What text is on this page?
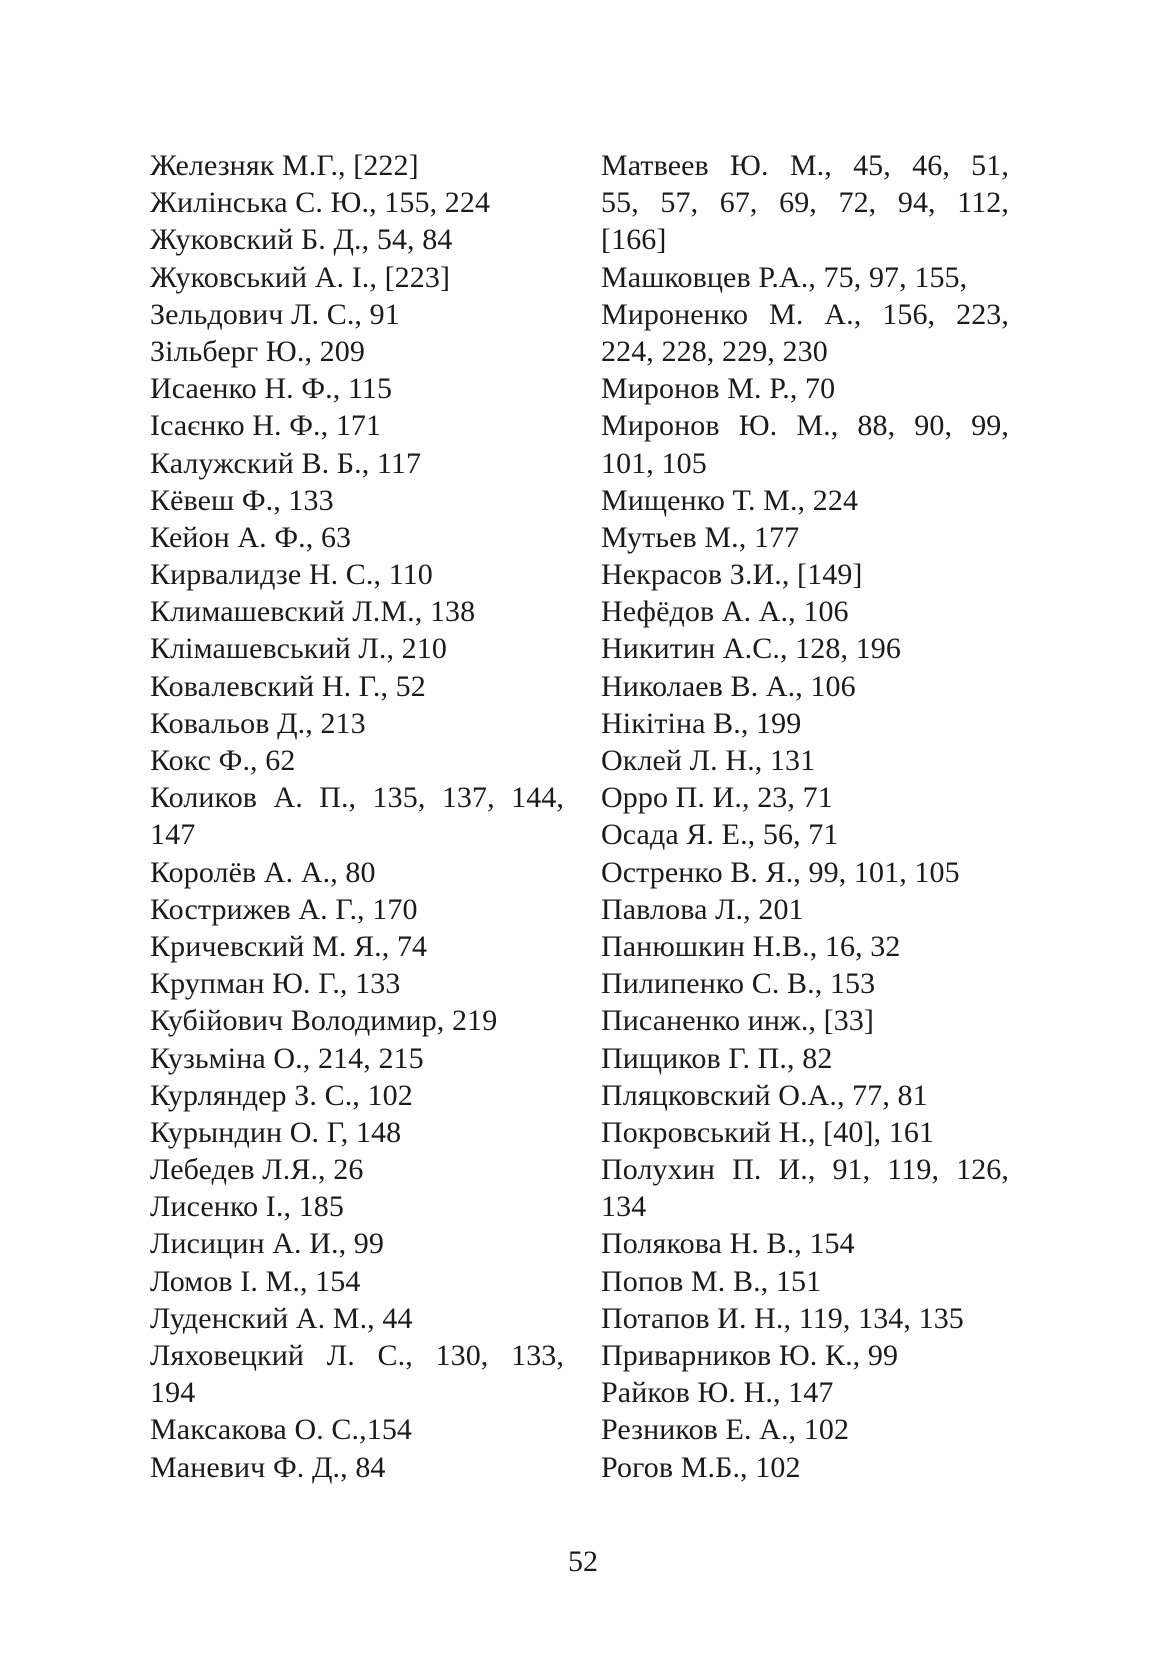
Железняк М.Г., [222]
Жилінська С. Ю., 155, 224
Жуковский Б. Д., 54, 84
Жуковський А. І., [223]
Зельдович Л. С., 91
Зільберг Ю., 209
Исаенко Н. Ф., 115
Ісаєнко Н. Ф., 171
Калужский В. Б., 117
Кёвеш Ф., 133
Кейон А. Ф., 63
Кирвалидзе Н. С., 110
Климашевский Л.М., 138
Клімашевський Л., 210
Ковалевский Н. Г., 52
Ковальов Д., 213
Кокс Ф., 62
Коликов А. П., 135, 137, 144,
147
Королёв А. А., 80
Кострижев А. Г., 170
Кричевский М. Я., 74
Крупман Ю. Г., 133
Кубійович Володимир, 219
Кузьміна О., 214, 215
Курляндер З. С., 102
Курындин О. Г, 148
Лебедев Л.Я., 26
Лисенко І., 185
Лисицин А. И., 99
Ломов І. М., 154
Луденский А. М., 44
Ляховецкий Л. С., 130, 133,
194
Максакова О. С.,154
Маневич Ф. Д., 84
Матвеев Ю. М., 45, 46, 51,
55, 57, 67, 69, 72, 94, 112,
[166]
Машковцев Р.А., 75, 97, 155,
Мироненко М. А., 156, 223,
224, 228, 229, 230
Миронов М. Р., 70
Миронов Ю. М., 88, 90, 99,
101, 105
Мищенко Т. М., 224
Мутьев М., 177
Некрасов З.И., [149]
Нефёдов А. А., 106
Никитин А.С., 128, 196
Николаев В. А., 106
Нікітіна В., 199
Оклей Л. Н., 131
Орро П. И., 23, 71
Осада Я. Е., 56, 71
Остренко В. Я., 99, 101, 105
Павлова Л., 201
Панюшкин Н.В., 16, 32
Пилипенко С. В., 153
Писаненко инж., [33]
Пищиков Г. П., 82
Пляцковский О.А., 77, 81
Покровський Н., [40], 161
Полухин П. И., 91, 119, 126,
134
Полякова Н. В., 154
Попов М. В., 151
Потапов И. Н., 119, 134, 135
Приварников Ю. К., 99
Райков Ю. Н., 147
Резников Е. А., 102
Рогов М.Б., 102
52
